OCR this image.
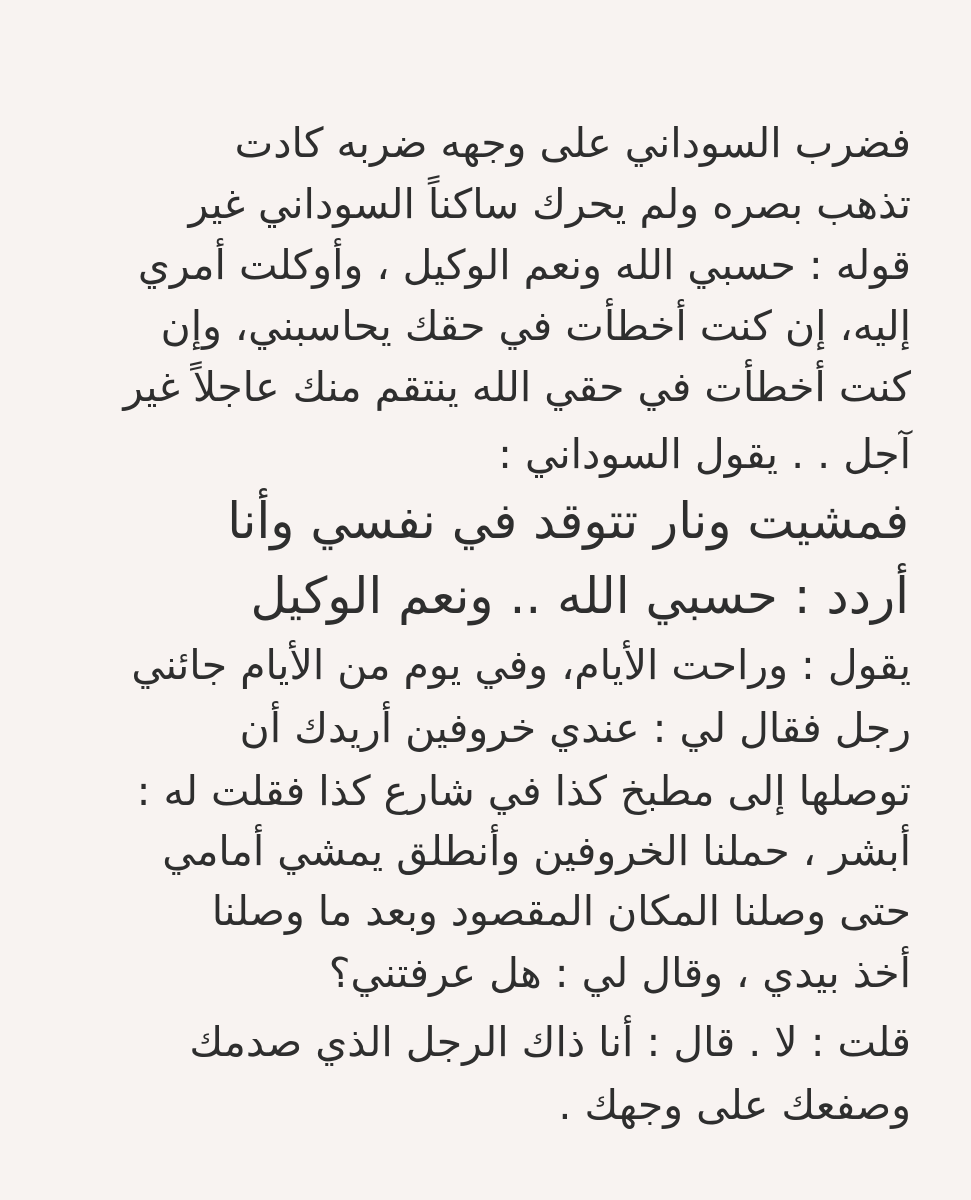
فضرب السوداني على وجهه ضربه كادت
تذهب بصره ولم يحرك ساكناً السوداني غير
قوله : حسبي الله ونعم الوكيل ، وأوكلت أمري
إليه، إن كنت أخطأت في حقك يحاسبني، وإن
كنت أخطأت في حقي الله ينتقم منك عاجلاً غير
آجل . . يقول السوداني :
فمشيت ونار تتوقد في نفسي وأنا
أردد : حسبي الله .. ونعم الوكيل
يقول : وراحت الأيام، وفي يوم من الأيام جائني
رجل فقال لي : عندي خروفين أريدك أن
توصلها إلى مطبخ كذا في شارع كذا فقلت له :
أبشر ، حملنا الخروفين وأنطلق يمشي أمامي
حتى وصلنا المكان المقصود وبعد ما وصلنا
أخذ بيدي ، وقال لي : هل عرفتني؟
قلت : لا . قال : أنا ذاك الرجل الذي صدمك
وصفعك على وجهك .
